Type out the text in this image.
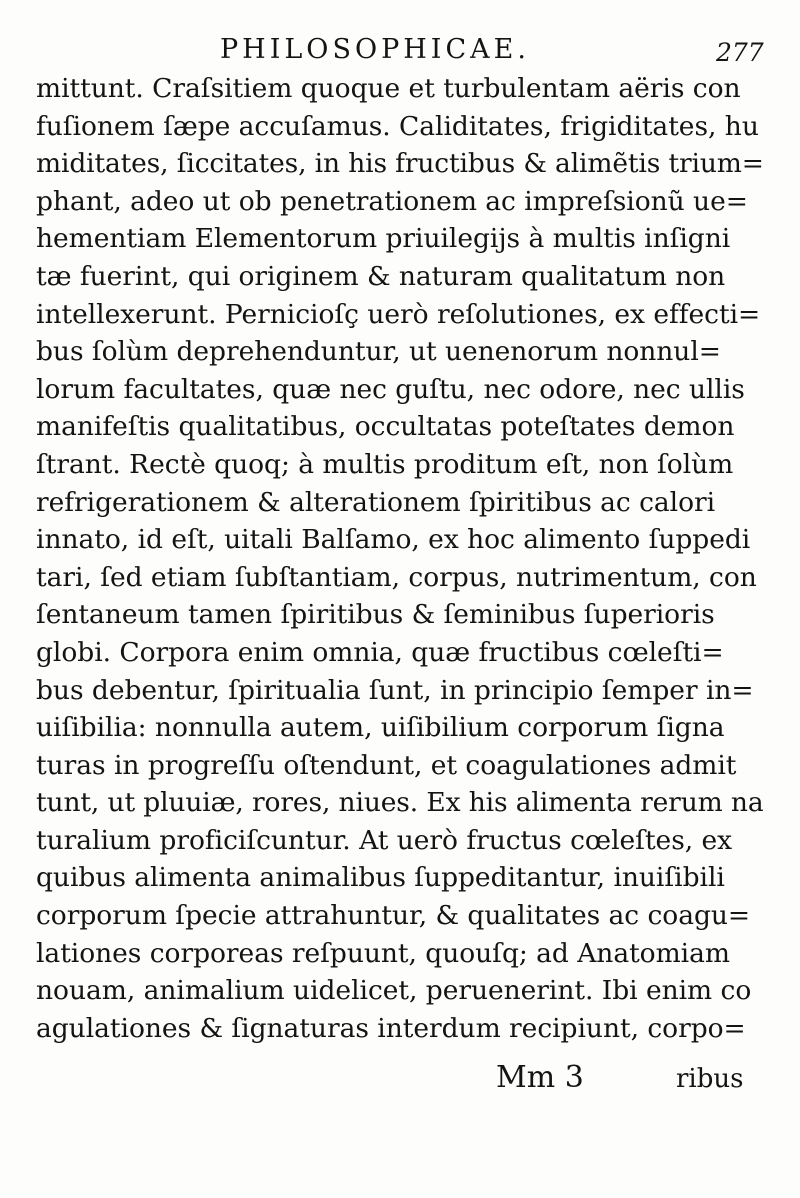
PHILOSOPHICAE.	277
mittunt. Craſsitiem quoque et turbulentam aëris con
fuſionem ſæpe accuſamus. Caliditates, frigiditates, hu
miditates, ſiccitates, in his fructibus & alimẽtis trium=
phant, adeo ut ob penetrationem ac impreſsionũ ue=
hementiam Elementorum priuilegijs à multis inſigni
tæ fuerint, qui originem & naturam qualitatum non
intellexerunt. Pernicioſç uerò reſolutiones, ex effecti=
bus ſolùm deprehenduntur, ut uenenorum nonnul=
lorum facultates, quæ nec guſtu, nec odore, nec ullis
manifeſtis qualitatibus, occultatas poteſtates demon
ſtrant. Rectè quoq; à multis proditum eſt, non ſolùm
refrigerationem & alterationem ſpiritibus ac calori
innato, id eſt, uitali Balſamo, ex hoc alimento ſuppedi
tari, ſed etiam ſubſtantiam, corpus, nutrimentum, con
ſentaneum tamen ſpiritibus & ſeminibus ſuperioris
globi. Corpora enim omnia, quæ fructibus cœleſti=
bus debentur, ſpiritualia ſunt, in principio ſemper in=
uiſibilia: nonnulla autem, uiſibilium corporum ſigna
turas in progreſſu oſtendunt, et coagulationes admit
tunt, ut pluuiæ, rores, niues. Ex his alimenta rerum na
turalium proficiſcuntur. At uerò fructus cœleſtes, ex
quibus alimenta animalibus ſuppeditantur, inuiſibili
corporum ſpecie attrahuntur, & qualitates ac coagu=
lationes corporeas reſpuunt, quouſq; ad Anatomiam
nouam, animalium uidelicet, peruenerint. Ibi enim co
agulationes & ſignaturas interdum recipiunt, corpo=
Mm 3	ribus
